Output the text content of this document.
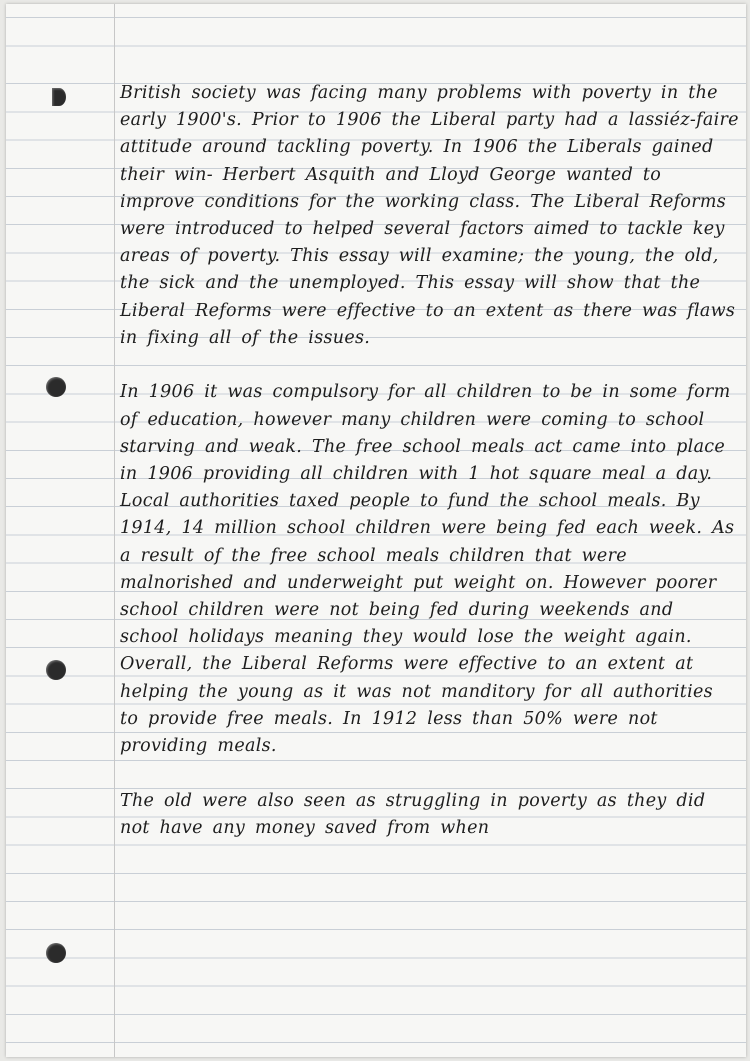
British society was facing many problems with poverty in the early 1900's. Prior to 1906 the Liberal party had a lassiéz-faire attitude around tackling poverty. In 1906 the Liberals gained their win- Herbert Asquith and Lloyd George wanted to improve conditions for the working class. The Liberal Reforms were introduced to helped several factors aimed to tackle key areas of poverty. This essay will examine; the young, the old, the sick and the unemployed. This essay will show that the Liberal Reforms were effective to an extent as there was flaws in fixing all of the issues.

In 1906 it was compulsory for all children to be in some form of education, however many children were coming to school starving and weak. The free school meals act came into place in 1906 providing all children with 1 hot square meal a day. Local authorities taxed people to fund the school meals. By 1914, 14 million school children were being fed each week. As a result of the free school meals children that were malnorished and underweight put weight on. However poorer school children were not being fed during weekends and school holidays meaning they would lose the weight again. Overall, the Liberal Reforms were effective to an extent at helping the young as it was not manditory for all authorities to provide free meals. In 1912 less than 50% were not providing meals.

The old were also seen as struggling in poverty as they did not have any money saved from when
